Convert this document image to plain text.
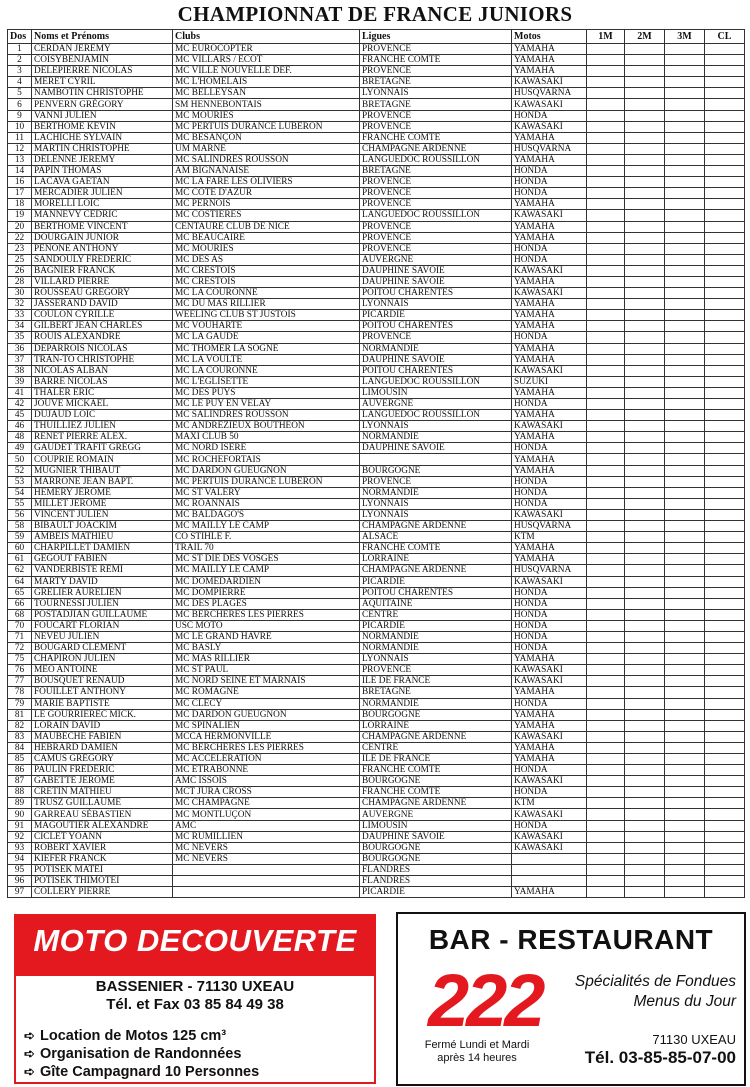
CHAMPIONNAT DE FRANCE JUNIORS
Dos	Noms et Prénoms	Clubs	Ligues	Motos	1M	2M	3M	CL
1	CERDAN JÉRÉMY	MC EUROCOPTER	PROVENCE	YAMAHA				
2	COISYBENJAMIN	MC VILLARS / ECOT	FRANCHE COMTÉ	YAMAHA				
3	DELEPIERRE NICOLAS	MC VILLE NOUVELLE DEF.	PROVENCE	YAMAHA				
4	MERET CYRIL	MC L'HOMELAIS	BRETAGNE	KAWASAKI				
5	NAMBOTIN CHRISTOPHE	MC BELLEYSAN	LYONNAIS	HUSQVARNA				
6	PENVERN GRÉGORY	SM HENNEBONTAIS	BRETAGNE	KAWASAKI				
9	VANNI JULIEN	MC MOURIES	PROVENCE	HONDA				
10	BERTHOME KEVIN	MC PERTUIS DURANCE LUBÉRON	PROVENCE	KAWASAKI				
11	LACHICHE SYLVAIN	MC BESANÇON	FRANCHE COMTÉ	YAMAHA				
12	MARTIN CHRISTOPHE	UM MARNE	CHAMPAGNE ARDENNE	HUSQVARNA				
13	DELENNE JÉRÉMY	MC SALINDRES ROUSSON	LANGUEDOC ROUSSILLON	YAMAHA				
14	PAPIN THOMAS	AM BIGNANAISE	BRETAGNE	HONDA				
16	LACAVA GAËTAN	MC LA FARE LES OLIVIERS	PROVENCE	HONDA				
17	MERCADIER JULIEN	MC CÔTE D'AZUR	PROVENCE	HONDA				
18	MORELLI LOÏC	MC PERNOIS	PROVENCE	YAMAHA				
19	MANNEVY CÉDRIC	MC COSTIERES	LANGUEDOC ROUSSILLON	KAWASAKI				
20	BERTHOME VINCENT	CENTAURE CLUB DE NICE	PROVENCE	YAMAHA				
22	DOURGAIN JUNIOR	MC BEAUCAIRE	PROVENCE	YAMAHA				
23	PENONE ANTHONY	MC MOURIES	PROVENCE	HONDA				
25	SANDOULY FREDÉRIC	MC DES AS	AUVERGNE	HONDA				
26	BAGNIER FRANCK	MC CRESTOIS	DAUPHINÉ SAVOIE	KAWASAKI				
28	VILLARD PIERRE	MC CRESTOIS	DAUPHINÉ SAVOIE	YAMAHA				
30	ROUSSEAU GRÉGORY	MC LA COURONNE	POITOU CHARENTES	KAWASAKI				
32	JASSERAND DAVID	MC DU MAS RILLIER	LYONNAIS	YAMAHA				
33	COULON CYRILLE	WEELING CLUB ST JUSTOIS	PICARDIE	YAMAHA				
34	GILBERT JEAN CHARLES	MC VOUHARTE	POITOU CHARENTES	YAMAHA				
35	ROUIS ALEXANDRE	MC LA GAUDE	PROVENCE	HONDA				
36	DEPARROIS NICOLAS	MC THOMER LA SOGNE	NORMANDIE	YAMAHA				
37	TRAN-TO CHRISTOPHE	MC LA VOULTE	DAUPHINÉ SAVOIE	YAMAHA				
38	NICOLAS ALBAN	MC LA COURONNE	POITOU CHARENTES	KAWASAKI				
39	BARRE NICOLAS	MC L'EGLISETTE	LANGUEDOC ROUSSILLON	SUZUKI				
41	THALER ERIC	MC DES PUYS	LIMOUSIN	YAMAHA				
42	JOUVE MICKAËL	MC LE PUY EN VELAY	AUVERGNE	HONDA				
45	DUJAUD LOÏC	MC SALINDRES ROUSSON	LANGUEDOC ROUSSILLON	YAMAHA				
46	THUILLIEZ JULIEN	MC ANDREZIEUX BOUTHÉON	LYONNAIS	KAWASAKI				
48	RENET PIERRE ALEX.	MAXI CLUB 50	NORMANDIE	YAMAHA				
49	GAUDET TRAFIT GREGG	MC NORD ISÈRE	DAUPHINÉ SAVOIE	HONDA				
50	COUPRIE ROMAIN	MC ROCHEFORTAIS		YAMAHA				
52	MUGNIER THIBAUT	MC DARDON GUEUGNON	BOURGOGNE	YAMAHA				
53	MARRONE JEAN BAPT.	MC PERTUIS DURANCE LUBÉRON	PROVENCE	HONDA				
54	HEMERY JÉRÔME	MC ST VALÉRY	NORMANDIE	HONDA				
55	MILLET JÉRÔME	MC ROANNAIS	LYONNAIS	HONDA				
56	VINCENT JULIEN	MC BALDAGO'S	LYONNAIS	KAWASAKI				
58	BIBAULT JOACKIM	MC MAILLY LE CAMP	CHAMPAGNE ARDENNE	HUSQVARNA				
59	AMBEIS MATHIEU	CO STIHLE F.	ALSACE	KTM				
60	CHARPILLET DAMIEN	TRAIL 70	FRANCHE COMTÉ	YAMAHA				
61	GEGOUT FABIEN	MC ST DIÉ DES VOSGES	LORRAINE	YAMAHA				
62	VANDERBISTE RÉMI	MC MAILLY LE CAMP	CHAMPAGNE ARDENNE	HUSQVARNA				
64	MARTY DAVID	MC DOMÉDARDIEN	PICARDIE	KAWASAKI				
65	GRELIER AURELIEN	MC DOMPIERRE	POITOU CHARENTES	HONDA				
66	TOURNESSI JULIEN	MC DES PLAGES	AQUITAINE	HONDA				
68	POSTADJIAN GUILLAUME	MC BERCHÈRES LES PIERRES	CENTRE	HONDA				
70	FOUCART FLORIAN	USC MOTO	PICARDIE	HONDA				
71	NEVEU JULIEN	MC LE GRAND HAVRE	NORMANDIE	HONDA				
72	BOUGARD CLÉMENT	MC BASLY	NORMANDIE	HONDA				
75	CHAPIRON JULIEN	MC MAS RILLIER	LYONNAIS	YAMAHA				
76	MEO ANTOINE	MC ST PAUL	PROVENCE	KAWASAKI				
77	BOUSQUET RENAUD	MC NORD SEINE ET MARNAIS	ILE DE FRANCE	KAWASAKI				
78	FOUILLET ANTHONY	MC ROMAGNÉ	BRETAGNE	YAMAHA				
79	MARIE BAPTISTE	MC CLÉCY	NORMANDIE	HONDA				
81	LE GOURRIEREC MICK.	MC DARDON GUEUGNON	BOURGOGNE	YAMAHA				
82	LORAIN DAVID	MC SPINALIEN	LORRAINE	YAMAHA				
83	MAUBECHE FABIEN	MCCA HERMONVILLE	CHAMPAGNE ARDENNE	KAWASAKI				
84	HEBRARD DAMIEN	MC BERCHÈRES LES PIERRES	CENTRE	YAMAHA				
85	CAMUS GRÉGORY	MC ACCÉLÉRATION	ILE DE FRANCE	YAMAHA				
86	PAULIN FRÉDÉRIC	MC ETRABONNE	FRANCHE COMTÉ	HONDA				
87	GABETTE JÉRÔME	AMC ISSOIS	BOURGOGNE	KAWASAKI				
88	CRETIN MATHIEU	MCT JURA CROSS	FRANCHE COMTÉ	HONDA				
89	TRUSZ GUILLAUME	MC CHAMPAGNE	CHAMPAGNE ARDENNE	KTM				
90	GARREAU SÉBASTIEN	MC MONTLUÇON	AUVERGNE	KAWASAKI				
91	MAGOUTIER ALEXANDRE	AMC	LIMOUSIN	HONDA				
92	CICLET YOANN	MC RUMILLIEN	DAUPHINÉ SAVOIE	KAWASAKI				
93	ROBERT XAVIER	MC NEVERS	BOURGOGNE	KAWASAKI				
94	KIEFER FRANCK	MC NEVERS	BOURGOGNE					
95	POTISEK MATÉI		FLANDRES					
96	POTISEK THIMOTÉI		FLANDRES					
97	COLLERY PIERRE		PICARDIE	YAMAHA				
MOTO DECOUVERTE
BASSENIER - 71130 UXEAU
Tél. et Fax 03 85 84 49 38
➪ Location de Motos 125 cm³
➪ Organisation de Randonnées
➪ Gîte Campagnard 10 Personnes
BAR - RESTAURANT
222 Spécialités de Fondues
Menus du Jour
Fermé Lundi et Mardi
après 14 heures
71130 UXEAU
Tél. 03-85-85-07-00
